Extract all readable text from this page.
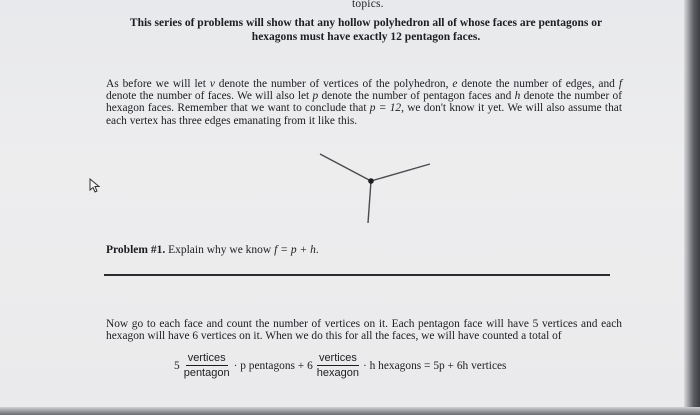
topics.
This series of problems will show that any hollow polyhedron all of whose faces are pentagons or
hexagons must have exactly 12 pentagon faces.
As before we will let v denote the number of vertices of the polyhedron, e denote the number of edges, and f denote the number of faces. We will also let p denote the number of pentagon faces and h denote the number of hexagon faces. Remember that we want to conclude that p = 12, we don't know it yet. We will also assume that each vertex has three edges emanating from it like this.
Problem #1. Explain why we know f = p + h.
Now go to each face and count the number of vertices on it. Each pentagon face will have 5 vertices and each hexagon will have 6 vertices on it. When we do this for all the faces, we will have counted a total of
$5 \frac{\text{vertices}}{\text{pentagon}} \cdot p$ pentagons + $6 \frac{\text{vertices}}{\text{hexagon}} \cdot h$ hexagons = 5p + 6h vertices
